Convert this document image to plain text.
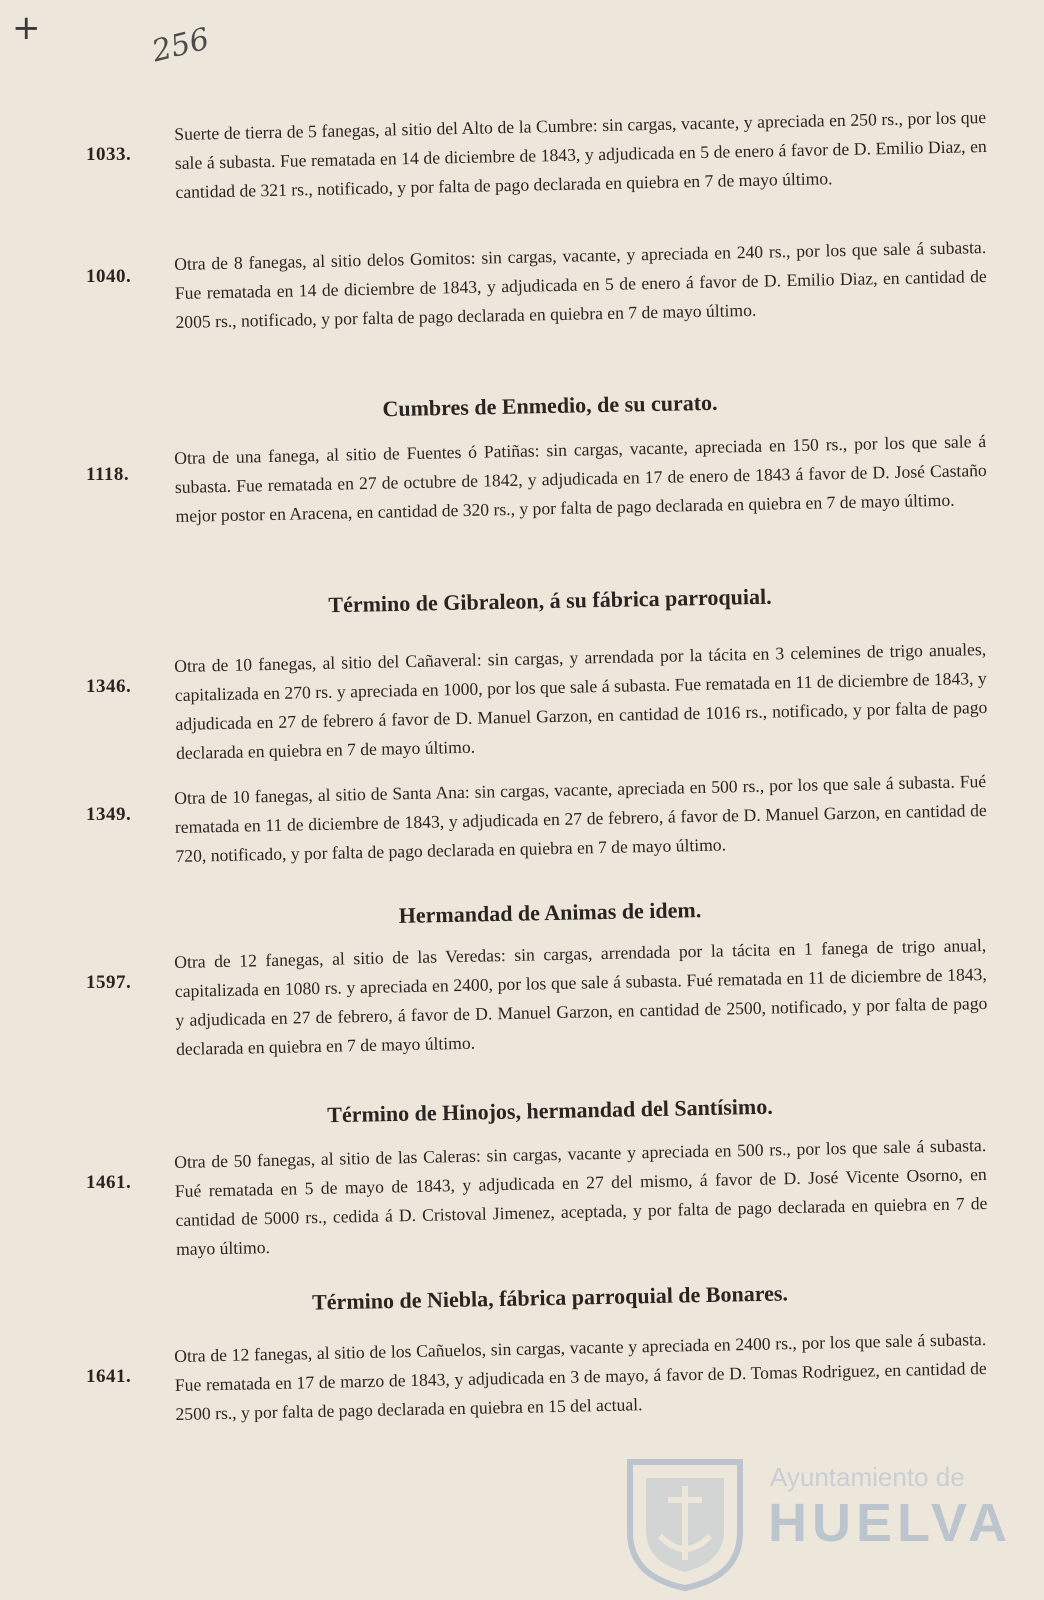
+	256
1033.
Suerte de tierra de 5 fanegas, al sitio del Alto de la Cumbre: sin cargas, vacante, y apreciada en 250 rs., por los que sale á subasta. Fue rematada en 14 de diciembre de 1843, y adjudicada en 5 de enero á favor de D. Emilio Diaz, en cantidad de 321 rs., notificado, y por falta de pago declarada en quiebra en 7 de mayo último.
1040.
Otra de 8 fanegas, al sitio delos Gomitos: sin cargas, vacante, y apreciada en 240 rs., por los que sale á subasta. Fue rematada en 14 de diciembre de 1843, y adjudicada en 5 de enero á favor de D. Emilio Diaz, en cantidad de 2005 rs., notificado, y por falta de pago declarada en quiebra en 7 de mayo último.
Cumbres de Enmedio, de su curato.
1118.
Otra de una fanega, al sitio de Fuentes ó Patiñas: sin cargas, vacante, apreciada en 150 rs., por los que sale á subasta. Fue rematada en 27 de octubre de 1842, y adjudicada en 17 de enero de 1843 á favor de D. José Castaño mejor postor en Aracena, en cantidad de 320 rs., y por falta de pago declarada en quiebra en 7 de mayo último.
Término de Gibraleon, á su fábrica parroquial.
1346.
Otra de 10 fanegas, al sitio del Cañaveral: sin cargas, y arrendada por la tácita en 3 celemines de trigo anuales, capitalizada en 270 rs. y apreciada en 1000, por los que sale á subasta. Fue rematada en 11 de diciembre de 1843, y adjudicada en 27 de febrero á favor de D. Manuel Garzon, en cantidad de 1016 rs., notificado, y por falta de pago declarada en quiebra en 7 de mayo último.
1349.
Otra de 10 fanegas, al sitio de Santa Ana: sin cargas, vacante, apreciada en 500 rs., por los que sale á subasta. Fué rematada en 11 de diciembre de 1843, y adjudicada en 27 de febrero, á favor de D. Manuel Garzon, en cantidad de 720, notificado, y por falta de pago declarada en quiebra en 7 de mayo último.
Hermandad de Animas de idem.
1597.
Otra de 12 fanegas, al sitio de las Veredas: sin cargas, arrendada por la tácita en 1 fanega de trigo anual, capitalizada en 1080 rs. y apreciada en 2400, por los que sale á subasta. Fué rematada en 11 de diciembre de 1843, y adjudicada en 27 de febrero, á favor de D. Manuel Garzon, en cantidad de 2500, notificado, y por falta de pago declarada en quiebra en 7 de mayo último.
Término de Hinojos, hermandad del Santísimo.
1461.
Otra de 50 fanegas, al sitio de las Caleras: sin cargas, vacante y apreciada en 500 rs., por los que sale á subasta. Fué rematada en 5 de mayo de 1843, y adjudicada en 27 del mismo, á favor de D. José Vicente Osorno, en cantidad de 5000 rs., cedida á D. Cristoval Jimenez, aceptada, y por falta de pago declarada en quiebra en 7 de mayo último.
Término de Niebla, fábrica parroquial de Bonares.
1641.
Otra de 12 fanegas, al sitio de los Cañuelos, sin cargas, vacante y apreciada en 2400 rs., por los que sale á subasta. Fue rematada en 17 de marzo de 1843, y adjudicada en 3 de mayo, á favor de D. Tomas Rodriguez, en cantidad de 2500 rs., y por falta de pago declarada en quiebra en 15 del actual.
Ayuntamiento de
HUELVA
